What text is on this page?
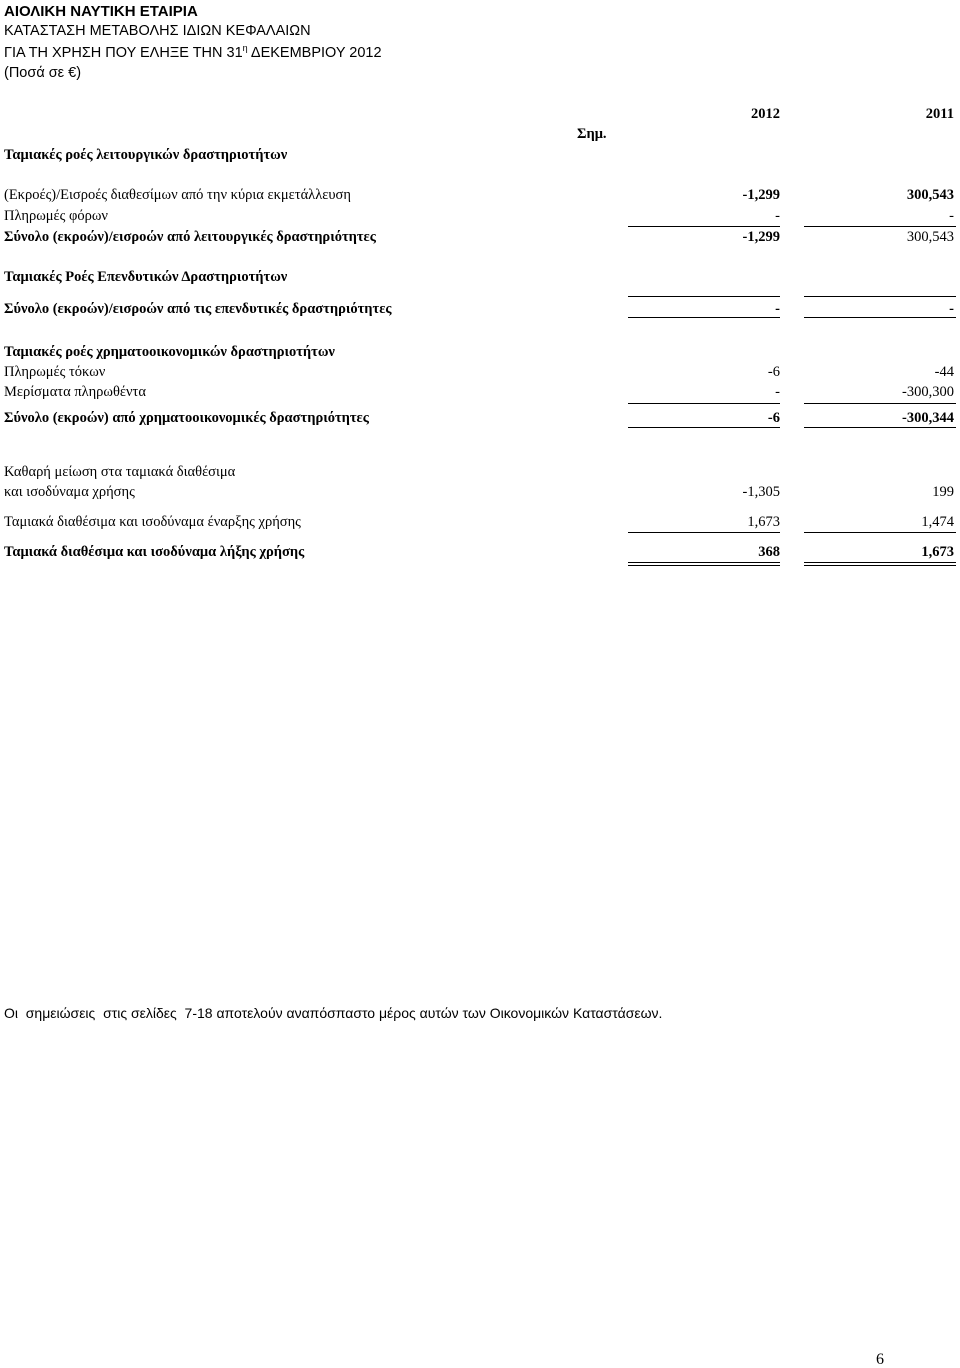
ΑΙΟΛΙΚΗ ΝΑΥΤΙΚΗ ΕΤΑΙΡΙΑ
ΚΑΤΑΣΤΑΣΗ ΜΕΤΑΒΟΛΗΣ ΙΔΙΩΝ ΚΕΦΑΛΑΙΩΝ
ΓΙΑ ΤΗ ΧΡΗΣΗ ΠΟΥ ΕΛΗΞΕ ΤΗΝ $31^\eta$ ΔΕΚΕΜΒΡΙΟΥ 2012
(Ποσά σε €)
2012	2011
Σημ.
Ταμιακές ροές λειτουργικών δραστηριοτήτων
(Εκροές)/Εισροές διαθεσίμων από την κύρια εκμετάλλευση	-1,299	300,543
Πληρωμές φόρων	-	-
Σύνολο (εκροών)/εισροών από λειτουργικές δραστηριότητες	-1,299	300,543
Ταμιακές Ροές Επενδυτικών Δραστηριοτήτων
Σύνολο (εκροών)/εισροών από τις επενδυτικές δραστηριότητες	-	-
Ταμιακές ροές χρηματοοικονομικών δραστηριοτήτων
Πληρωμές τόκων	-6	-44
Μερίσματα πληρωθέντα	-	-300,300
Σύνολο (εκροών) από χρηματοοικονομικές δραστηριότητες	-6	-300,344
Καθαρή μείωση στα ταμιακά διαθέσιμα
και ισοδύναμα χρήσης	-1,305	199
Ταμιακά διαθέσιμα και ισοδύναμα έναρξης χρήσης	1,673	1,474
Ταμιακά διαθέσιμα και ισοδύναμα λήξης χρήσης	368	1,673
Οι  σημειώσεις  στις σελίδες  7-18 αποτελούν αναπόσπαστο μέρος αυτών των Οικονομικών Καταστάσεων.
6
